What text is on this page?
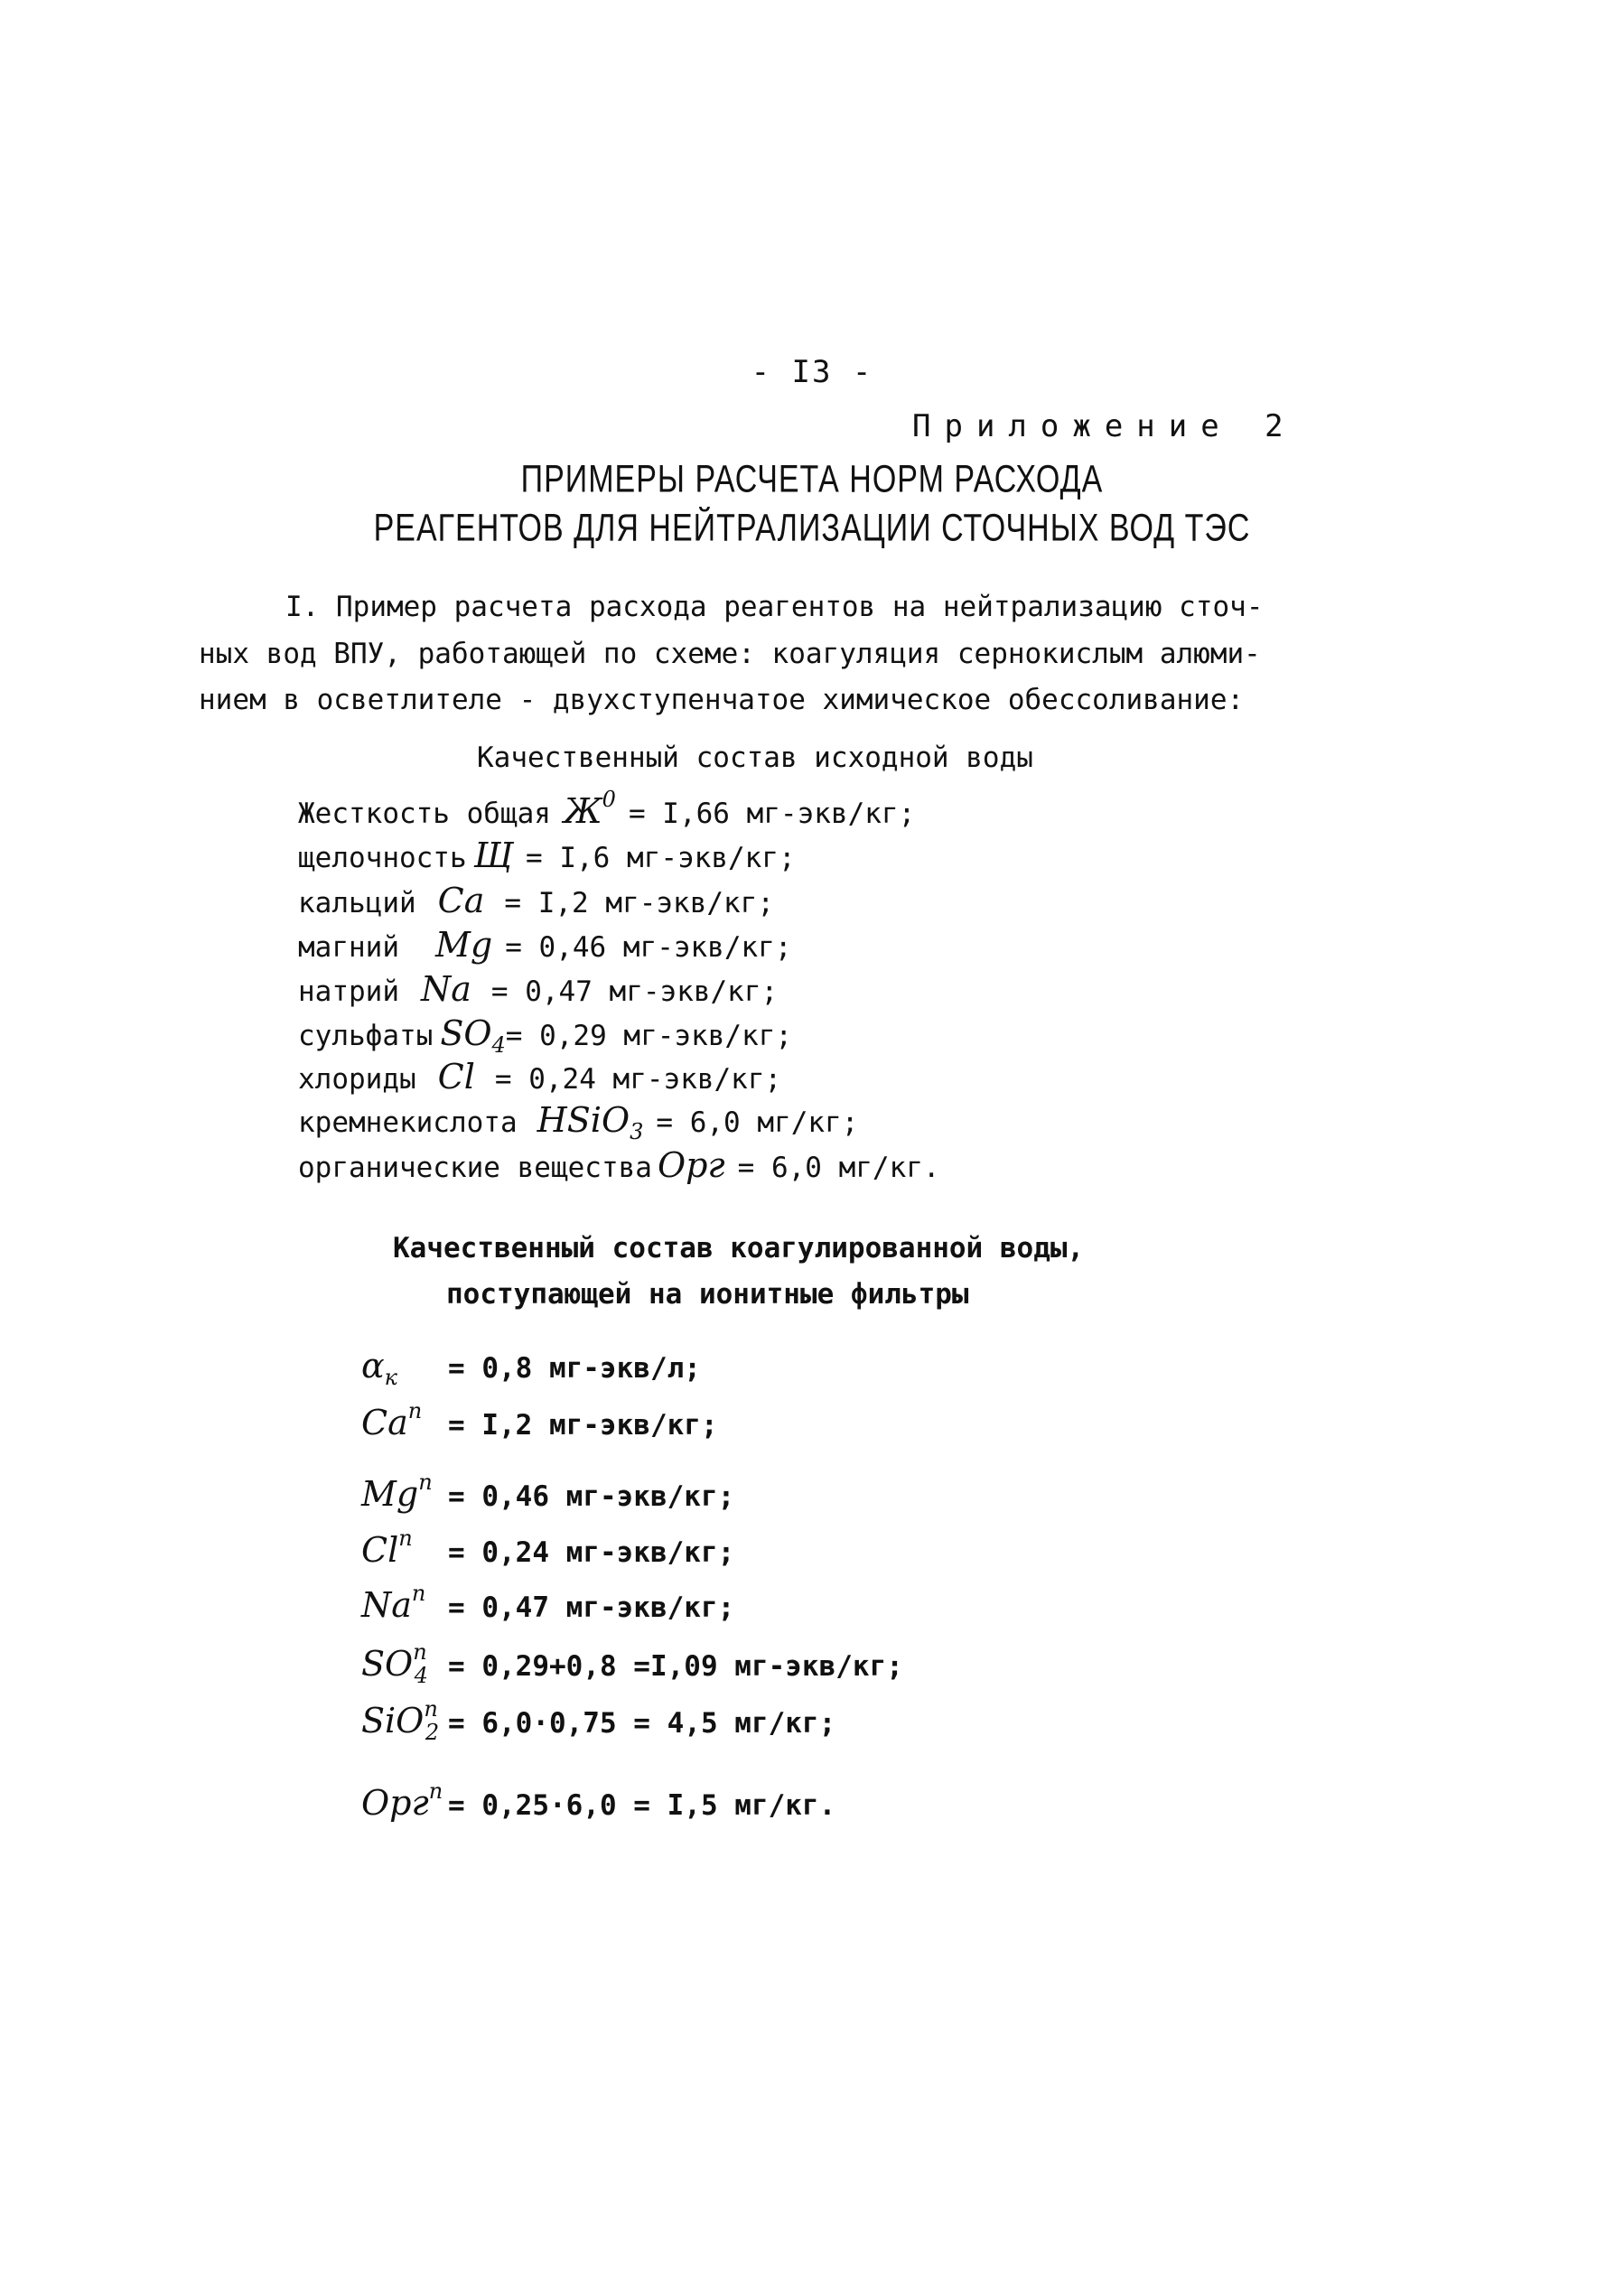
- I3 -
Приложение 2
ПРИМЕРЫ РАСЧЕТА НОРМ РАСХОДА
РЕАГЕНТОВ ДЛЯ НЕЙТРАЛИЗАЦИИ СТОЧНЫХ ВОД ТЭС
I. Пример расчета расхода реагентов на нейтрализацию сточ-
ных вод ВПУ, работающей по схеме: коагуляция сернокислым алюми-
нием в осветлителе - двухступенчатое химическое обессоливание:
Качественный состав исходной воды
Жесткость общая $Ж^0 = I,66$ мг-экв/кг;
щелочность Щ = I,6 мг-экв/кг;
кальций Ca = I,2 мг-экв/кг;
магний Mg = 0,46 мг-экв/кг;
натрий Na = 0,47 мг-экв/кг;
сульфаты $SO_4= 0,29$ мг-экв/кг;
хлориды Cl = 0,24 мг-экв/кг;
кремнекислота HSiO$_3$ = 6,0 мг/кг;
органические вещества Орг = 6,0 мг/кг.
Качественный состав коагулированной воды,
поступающей на ионитные фильтры
$\alpha_к = 0,8$ мг-экв/л;
$Ca^п = I,2$ мг-экв/кг;
$Mg^п = 0,46$ мг-экв/кг;
$Cl^п = 0,24$ мг-экв/кг;
$Na^п = 0,47$ мг-экв/кг;
$SO^п_4 = 0,29+0,8 =I,09$ мг-экв/кг;
SiO$^п_2$ = 6,0·0,75 = 4,5 мг/кг;
Орг$^п$ = 0,25·6,0 = I,5 мг/кг.
